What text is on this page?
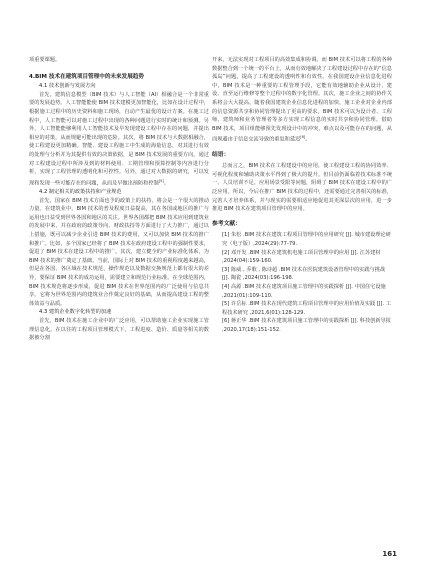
项重要课题。

4.BIM 技术在建筑项目管理中的未来发展趋势

4.1 技术创新与发展方向

首先，建筑信息模型（BIM 技术）与人工智能（AI）相融合是一个非常重要的发展趋势。人工智能能使 BIM 技术建模更加智能化，比如在设计过程中，根据施工过程中的历史资料和施工现场，自动产生最优的设计方案。在施工过程中，人工智能可以对施工过程中出现的各种问题进行实时的统计和预测。另外，人工智能能够利用人工智能技术及早发现建设工程中存在的问题，并提出相应的对策，从而规避可能出现的危险。其次，将 BIM 技术与大数据相融合，使工程建设更加精确。智能、建设工程施工中生成的海量信息，对其进行有效的处理与分析并为其提供有效的决策依据，是 BIM 技术发展的重要方向。通过对工程建设过程中所涉及到的材料使用、工期管理和预算控制等内容进行分析，实现了工程管理的透明化和可控性。另外，通过对大数据的研究，可以发现和发现一些可能存在的问题，从而及早做出预防和控制[5]。

4.2 制定相关的政策扶持和产业规范

首先，国家在 BIM 技术方面也予的政策上的扶持，将会是一个很大的推动力量。在建筑业中，BIM 技术的普及程度日益提高，其在各国或地区的推广与运用也日益受到世界各国和地区的关注。世界各国都把 BIM 技术应用到建筑业的发展中来，并在政府的政策导向、财政扶持等方面进行了大力推广，通过以上措施，既可以减少企业引进 BIM 技术的费用，又可以加快 BIM 技术的推广和推广。比如，多个国家已经将了 BIM 技术在政府建设工程中的强制性要求，促进了 BIM 技术在建设工程中的推广。其次，建立健全的产业标准化体系，为 BIM 技术的推广奠定了基础。当前，国际上对 BIM 技术的重视程度越来越高，但是在各国、各区域在技术规范、操作规范以及数据交换规范上都有很大的差异，要保证 BIM 技术的成功运用，需要建立和规范行业标准。在全球范围内，BIM 技术规范将逐步形成，促进 BIM 技术在世界范围内的广泛使用与信息共享。它将为世界范围内的建筑业合作奠定良好的基础，从而提高建设工程的整体效益与品质。

4.3 建筑企业数字化转型的加速

首先，BIM 技术在施工企业中的广泛应用，可以帮助施工企业实现施工管理信息化。在以往的工程项目管理模式下，工程进度、造价、质量等相关的数据被分割

开来，无法实现对工程项目的高效集成和协调。而 BIM 技术可以将工程的各种数据整合到一个统一的平台上，从而有效地解决了工程建设过程中存在的“信息孤岛”问题，提高了工程建设的透明性和有效性。在我国建设企业信息化进程中，BIM 技术是一种重要的工程管理手段，它能有效地辅助企业从设计、建设、直至运行维修等整个过程中的数字化管理。其次，施工企业之间的协作关系将会大大提高。随着我国建筑企业信息化进程的加快，施工企业对企业内部的信息资源共享和协同管理提出了更高的要求。BIM 技术可以为设计者、工程师、建筑师和业务管理者等多方实现工程信息的实时共享和协同管理。借助 BIM 技术，项目组能够预先发现设计中的冲突、难点以及可能存在的问题，从而规避由于信息交流导致的重复和延迟[6]。

结语：

总而言之，BIM 技术在工程建设中的应用，使工程建设工程的协同效率、可视化程度和辅助决策水平得到了极大的提升。但目前仍面临着技术标准不统一、人员培训不足、应用场景受限等问题，阻碍了 BIM 技术在建设工程中的广泛应用。所以，今后在推广 BIM 技术的过程中，还需要通过完善相关的标准，完善人才培养体系，并与现实的需要相适应地促进其更深层次的应用，进一步推进 BIM 技术在建筑项目管理中的应用。

参考文献：

[1] 朱松 .BIM 技术在建筑工程项目管理中的应用研究 [J]. 城市建设理论研究（电子版）,2024(29):77-79.

[2] 邓开发 .BIM 技术在建筑机电施工项目管理中的应用 [J]. 江苏建材 ,2024(04):159-160.

[3] 陈威 , 乔歌 , 陈诗超 .BIM 技术在医院建筑设备管理中的实践与挑战 [J]. 陶瓷 ,2024(03):196-198.

[4] 高源 .BIM 技术在建筑项目施工管理中的实践探析 [J]. 中国住宅设施 ,2021(01):109-110.

[5] 许岳标 .BIM 技术在现代建筑工程项目管理中的应用价值及实践 [J]. 工程技术研究 ,2021,6(01):128-129.

[6] 蒋正华 .BIM 技术在建筑项目施工管理中的实践探析 [J]. 科技创新导报 ,2020,17(18):151-152.

161
